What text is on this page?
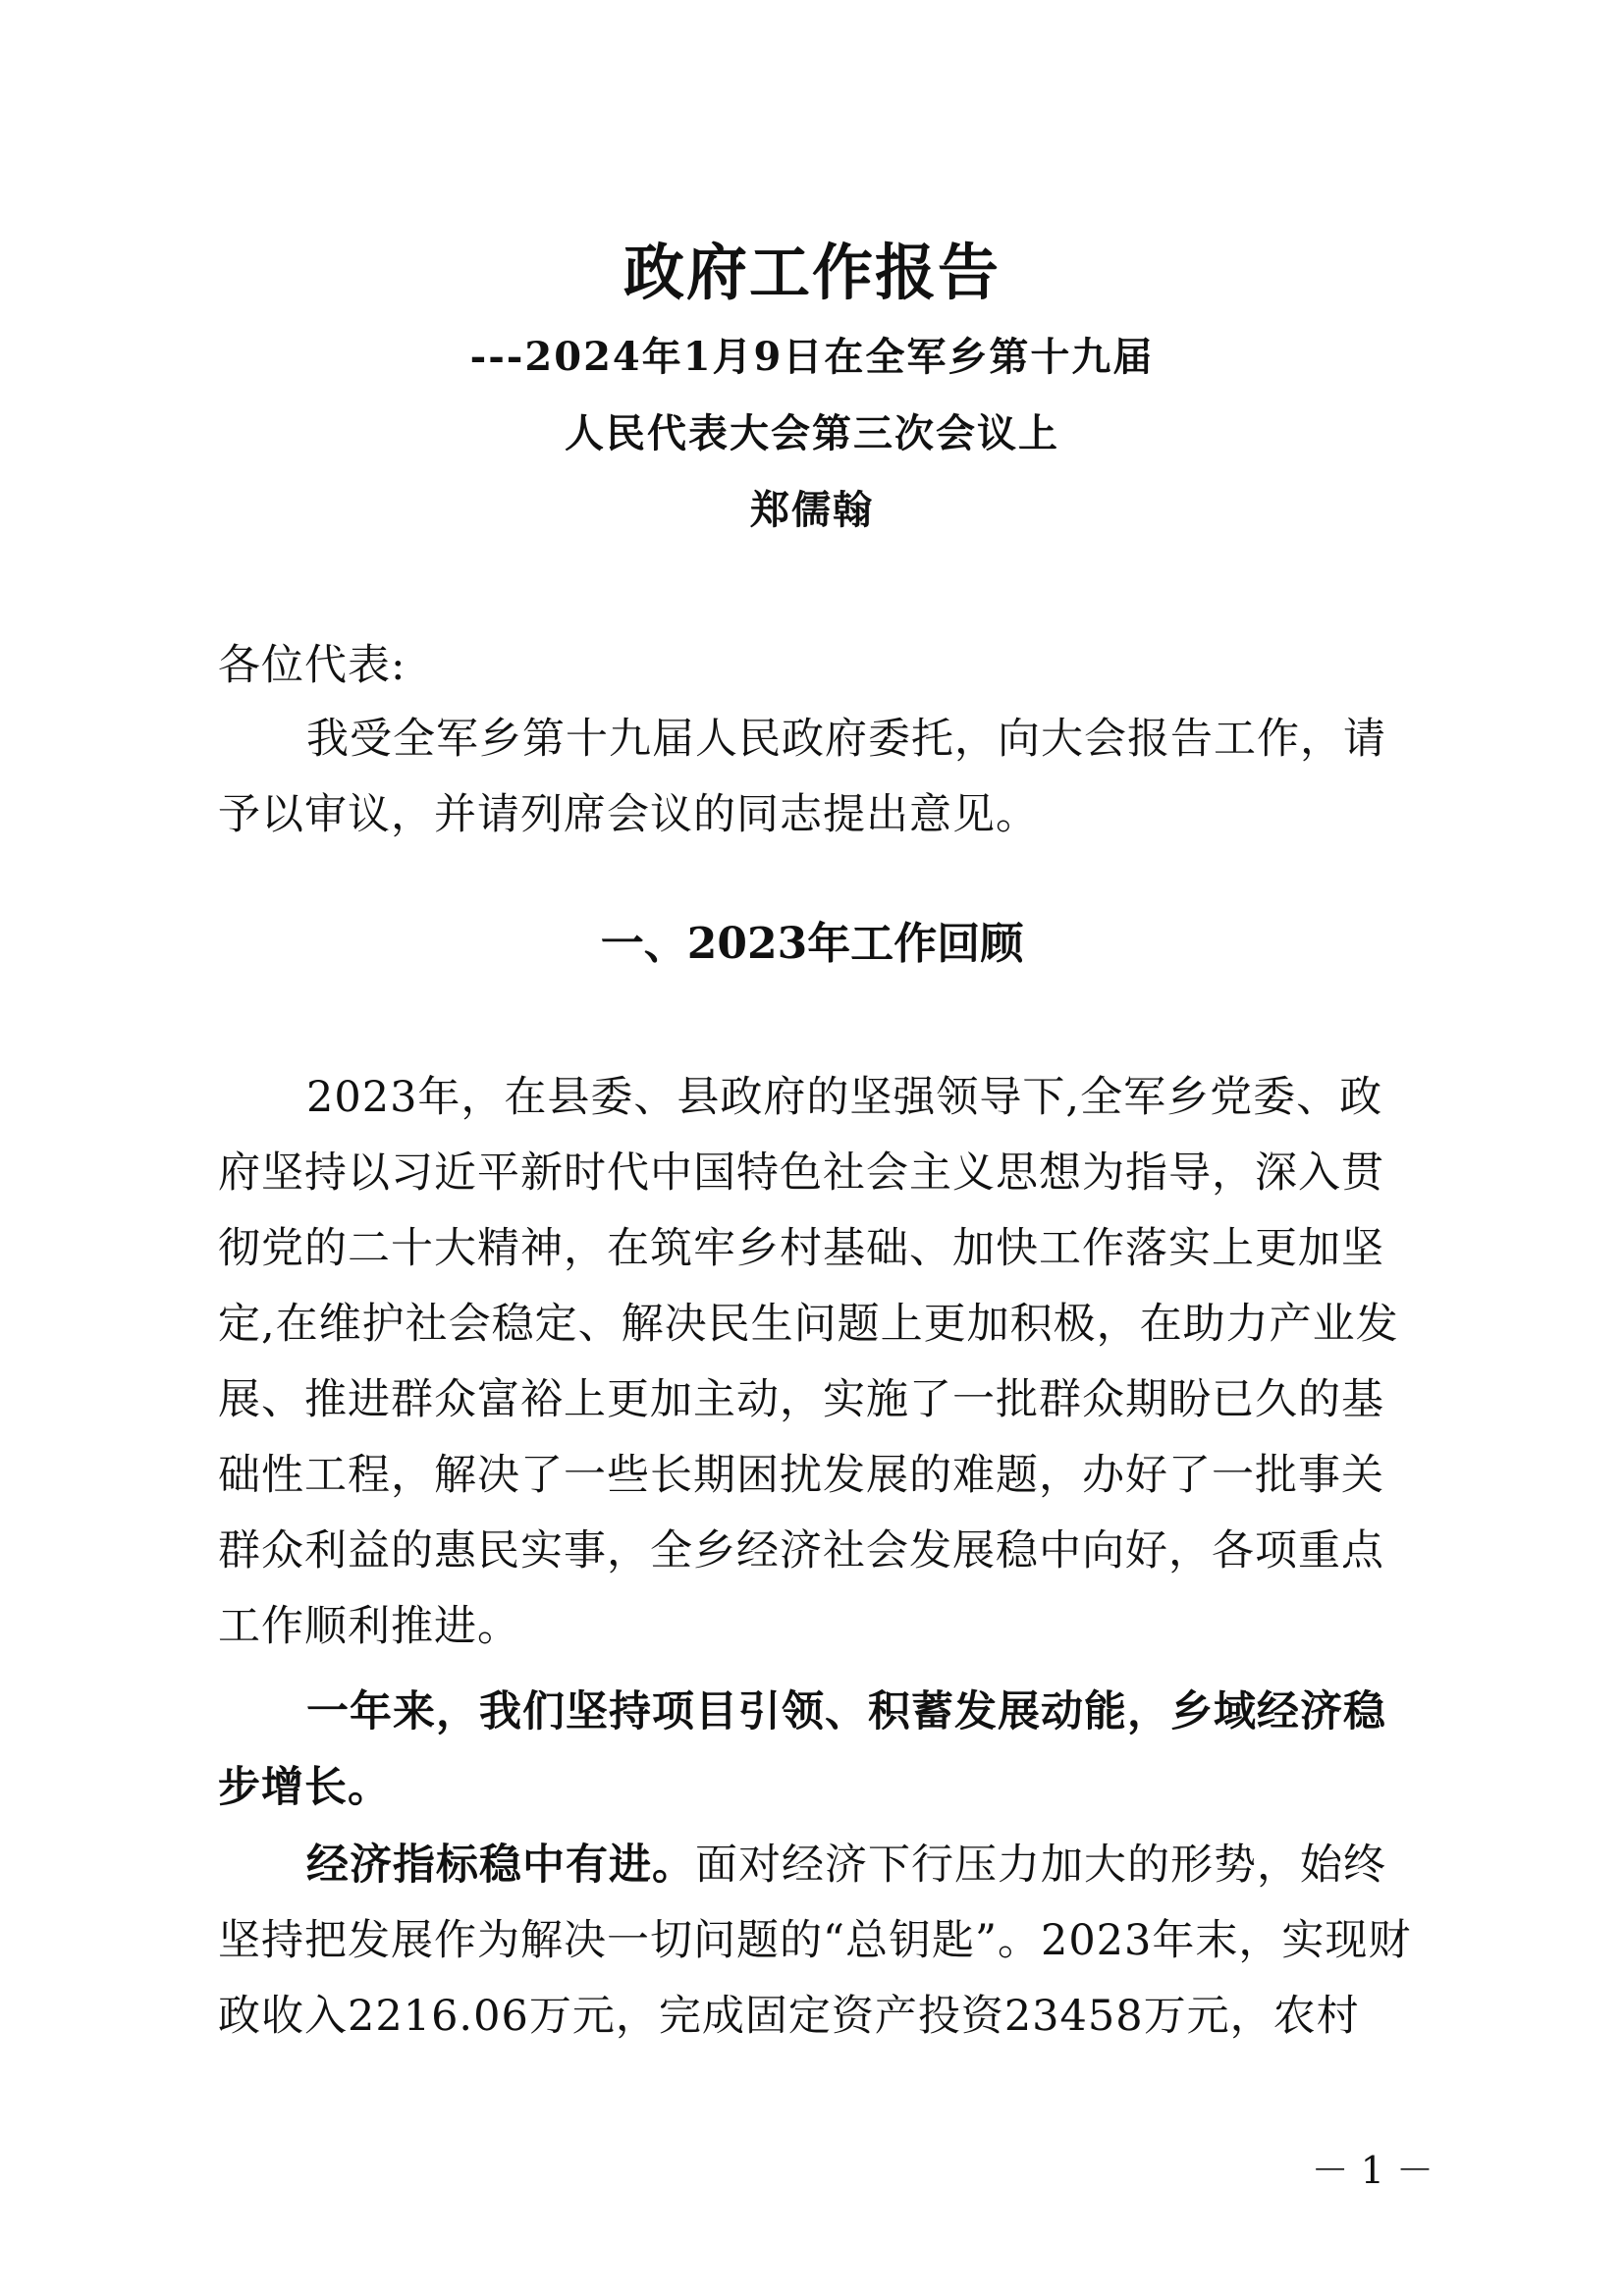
政府工作报告
---2024年1月9日在全军乡第十九届
人民代表大会第三次会议上
郑儒翰
各位代表:
我受全军乡第十九届人民政府委托，向大会报告工作，请予以审议，并请列席会议的同志提出意见。
一、2023年工作回顾
2023年，在县委、县政府的坚强领导下,全军乡党委、政府坚持以习近平新时代中国特色社会主义思想为指导，深入贯彻党的二十大精神，在筑牢乡村基础、加快工作落实上更加坚定,在维护社会稳定、解决民生问题上更加积极，在助力产业发展、推进群众富裕上更加主动，实施了一批群众期盼已久的基础性工程，解决了一些长期困扰发展的难题，办好了一批事关群众利益的惠民实事，全乡经济社会发展稳中向好，各项重点工作顺利推进。
一年来，我们坚持项目引领、积蓄发展动能，乡域经济稳步增长。
经济指标稳中有进。面对经济下行压力加大的形势，始终坚持把发展作为解决一切问题的“总钥匙”。2023年末，实现财政收入2216.06万元，完成固定资产投资23458万元，农村
－ 1 －
